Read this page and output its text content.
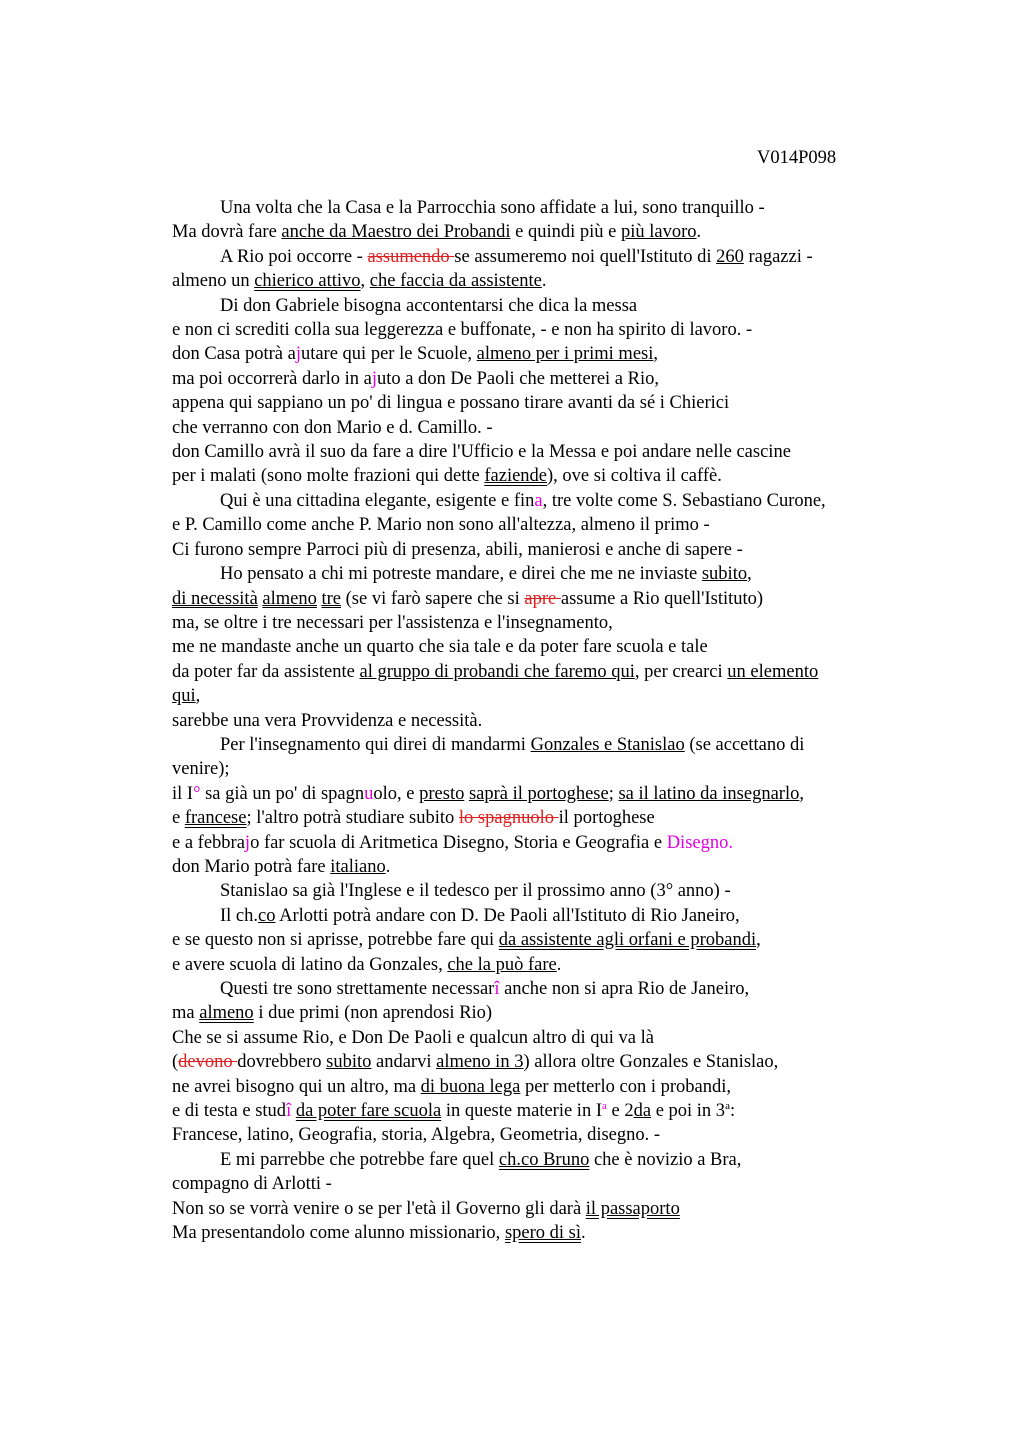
V014P098
Una volta che la Casa e la Parrocchia sono affidate a lui, sono tranquillo -
Ma dovrà fare anche da Maestro dei Probandi e quindi più e più lavoro.
A Rio poi occorre - assumendo se assumeremo noi quell'Istituto di 260 ragazzi -
almeno un chierico attivo, che faccia da assistente.
Di don Gabriele bisogna accontentarsi che dica la messa
e non ci screditi colla sua leggerezza e buffonate, - e non ha spirito di lavoro. -
don Casa potrà ajutare qui per le Scuole, almeno per i primi mesi,
ma poi occorrerà darlo in ajuto a don De Paoli che metterei a Rio,
appena qui sappiano un po' di lingua e possano tirare avanti da sé i Chierici
che verranno con don Mario e d. Camillo. -
don Camillo avrà il suo da fare a dire l'Ufficio e la Messa e poi andare nelle cascine
per i malati (sono molte frazioni qui dette faziende), ove si coltiva il caffè.
Qui è una cittadina elegante, esigente e fina, tre volte come S. Sebastiano Curone,
e P. Camillo come anche P. Mario non sono all'altezza, almeno il primo -
Ci furono sempre Parroci più di presenza, abili, manierosi e anche di sapere -
Ho pensato a chi mi potreste mandare, e direi che me ne inviaste subito,
di necessità almeno tre (se vi farò sapere che si apre assume a Rio quell'Istituto)
ma, se oltre i tre necessari per l'assistenza e l'insegnamento,
me ne mandaste anche un quarto che sia tale e da poter fare scuola e tale
da poter far da assistente al gruppo di probandi che faremo qui, per crearci un elemento
qui,
sarebbe una vera Provvidenza e necessità.
Per l'insegnamento qui direi di mandarmi Gonzales e Stanislao (se accettano di
venire);
il I° sa già un po' di spagnuolo, e presto saprà il portoghese; sa il latino da insegnarlo,
e francese; l'altro potrà studiare subito lo spagnuolo il portoghese
e a febbrajo far scuola di Aritmetica Disegno, Storia e Geografia e Disegno.
don Mario potrà fare italiano.
Stanislao sa già l'Inglese e il tedesco per il prossimo anno (3° anno) -
Il ch.co Arlotti potrà andare con D. De Paoli all'Istituto di Rio Janeiro,
e se questo non si aprisse, potrebbe fare qui da assistente agli orfani e probandi,
e avere scuola di latino da Gonzales, che la può fare.
Questi tre sono strettamente necessarî anche non si apra Rio de Janeiro,
ma almeno i due primi (non aprendosi Rio)
Che se si assume Rio, e Don De Paoli e qualcun altro di qui va là
(devono dovrebbero subito andarvi almeno in 3) allora oltre Gonzales e Stanislao,
ne avrei bisogno qui un altro, ma di buona lega per metterlo con i probandi,
e di testa e studî da poter fare scuola in queste materie in $I^a$ e 2da e poi in 3$^a$:
Francese, latino, Geografia, storia, Algebra, Geometria, disegno. -
E mi parrebbe che potrebbe fare quel ch.co Bruno che è novizio a Bra,
compagno di Arlotti -
Non so se vorrà venire o se per l'età il Governo gli darà il passaporto
Ma presentandolo come alunno missionario, spero di sì.
